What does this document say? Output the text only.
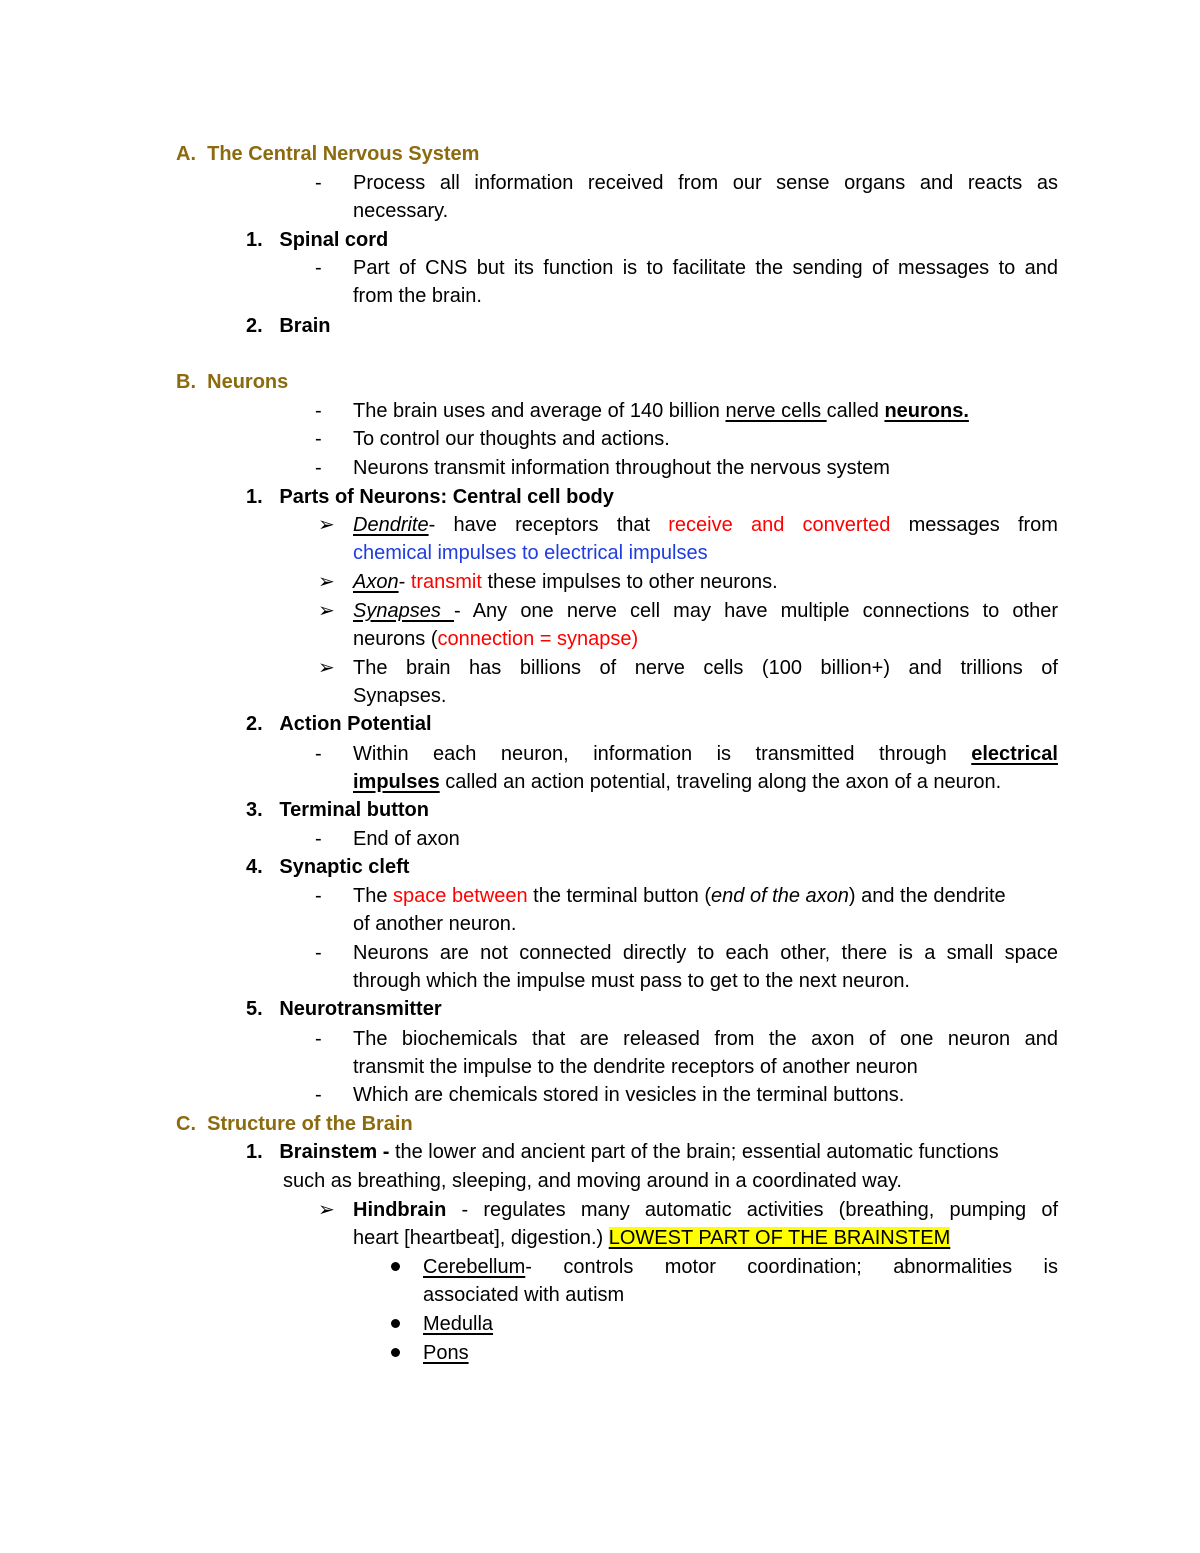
A. The Central Nervous System
- Process all information received from our sense organs and reacts as
necessary.
1. Spinal cord
- Part of CNS but its function is to facilitate the sending of messages to and
from the brain.
2. Brain
B. Neurons
- The brain uses and average of 140 billion nerve cells called neurons.
- To control our thoughts and actions.
- Neurons transmit information throughout the nervous system
1. Parts of Neurons: Central cell body
➢ Dendrite- have receptors that receive and converted messages from
chemical impulses to electrical impulses
➢ Axon- transmit these impulses to other neurons.
➢ Synapses - Any one nerve cell may have multiple connections to other
neurons (connection = synapse)
➢ The brain has billions of nerve cells (100 billion+) and trillions of
Synapses.
2. Action Potential
- Within each neuron, information is transmitted through electrical
impulses called an action potential, traveling along the axon of a neuron.
3. Terminal button
- End of axon
4. Synaptic cleft
- The space between the terminal button (end of the axon) and the dendrite
of another neuron.
- Neurons are not connected directly to each other, there is a small space
through which the impulse must pass to get to the next neuron.
5. Neurotransmitter
- The biochemicals that are released from the axon of one neuron and
transmit the impulse to the dendrite receptors of another neuron
- Which are chemicals stored in vesicles in the terminal buttons.
C. Structure of the Brain
1. Brainstem - the lower and ancient part of the brain; essential automatic functions
such as breathing, sleeping, and moving around in a coordinated way.
➢ Hindbrain - regulates many automatic activities (breathing, pumping of
heart [heartbeat], digestion.) LOWEST PART OF THE BRAINSTEM
Cerebellum- controls motor coordination; abnormalities is
associated with autism
Medulla
Pons
